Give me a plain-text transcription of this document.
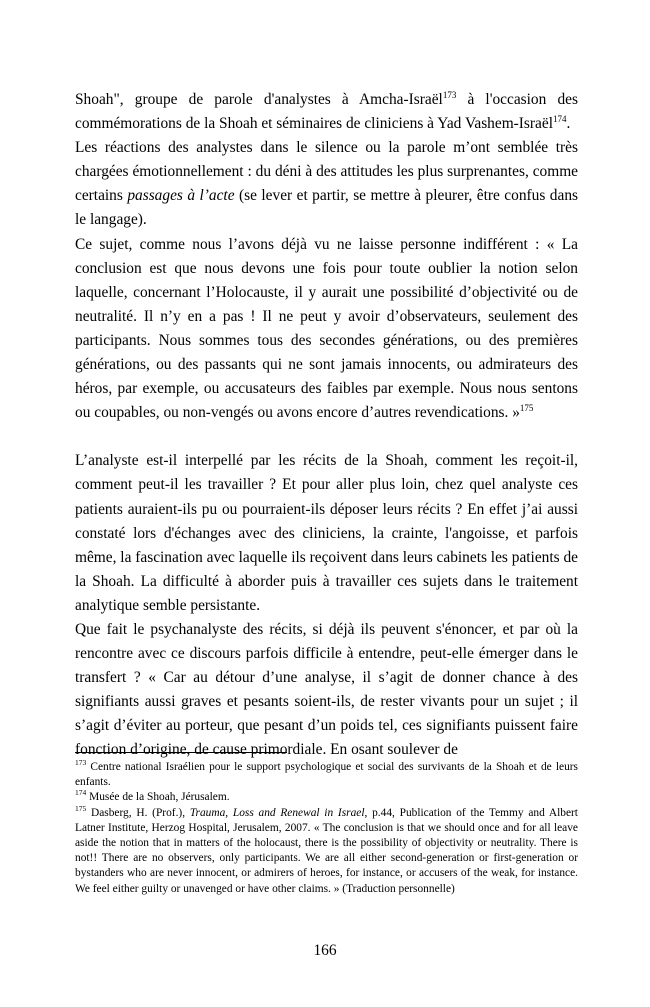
Shoah", groupe de parole d'analystes à Amcha-Israël$^{173}$ à l'occasion des commémorations de la Shoah et séminaires de cliniciens à Yad Vashem-Israël$^{174}$.

Les réactions des analystes dans le silence ou la parole m’ont semblée très chargées émotionnellement : du déni à des attitudes les plus surprenantes, comme certains passages à l’acte (se lever et partir, se mettre à pleurer, être confus dans le langage).

Ce sujet, comme nous l’avons déjà vu ne laisse personne indifférent : « La conclusion est que nous devons une fois pour toute oublier la notion selon laquelle, concernant l’Holocauste, il y aurait une possibilité d’objectivité ou de neutralité. Il n’y en a pas ! Il ne peut y avoir d’observateurs, seulement des participants. Nous sommes tous des secondes générations, ou des premières générations, ou des passants qui ne sont jamais innocents, ou admirateurs des héros, par exemple, ou accusateurs des faibles par exemple. Nous nous sentons ou coupables, ou non-vengés ou avons encore d’autres revendications. »$^{175}$

L’analyste est-il interpellé par les récits de la Shoah, comment les reçoit-il, comment peut-il les travailler ? Et pour aller plus loin, chez quel analyste ces patients auraient-ils pu ou pourraient-ils déposer leurs récits ? En effet j’ai aussi constaté lors d'échanges avec des cliniciens, la crainte, l'angoisse, et parfois même, la fascination avec laquelle ils reçoivent dans leurs cabinets les patients de la Shoah. La difficulté à aborder puis à travailler ces sujets dans le traitement analytique semble persistante.

Que fait le psychanalyste des récits, si déjà ils peuvent s'énoncer, et par où la rencontre avec ce discours parfois difficile à entendre, peut-elle émerger dans le transfert ? « Car au détour d’une analyse, il s’agit de donner chance à des signifiants aussi graves et pesants soient-ils, de rester vivants pour un sujet ; il s’agit d’éviter au porteur, que pesant d’un poids tel, ces signifiants puissent faire fonction d’origine, de cause primordiale. En osant soulever de

$^{173}$ Centre national Israélien pour le support psychologique et social des survivants de la Shoah et de leurs enfants.

$^{174}$ Musée de la Shoah, Jérusalem.

$^{175}$ Dasberg, H. (Prof.), Trauma, Loss and Renewal in Israel, p.44, Publication of the Temmy and Albert Latner Institute, Herzog Hospital, Jerusalem, 2007. « The conclusion is that we should once and for all leave aside the notion that in matters of the holocaust, there is the possibility of objectivity or neutrality. There is not!! There are no observers, only participants. We are all either second-generation or first-generation or bystanders who are never innocent, or admirers of heroes, for instance, or accusers of the weak, for instance. We feel either guilty or unavenged or have other claims. » (Traduction personnelle)

166
